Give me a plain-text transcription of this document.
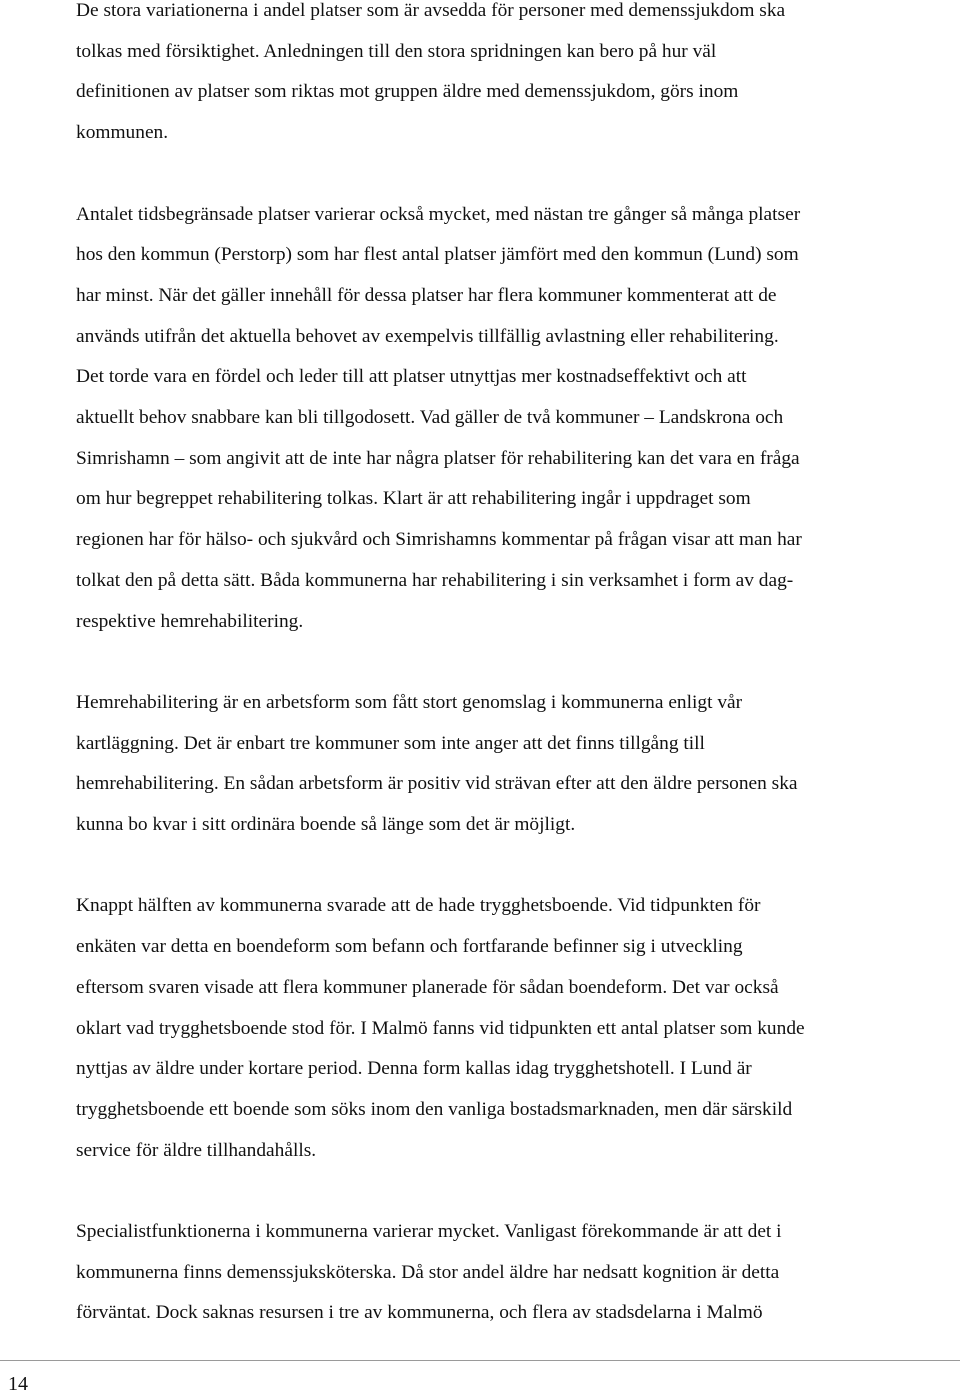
De stora variationerna i andel platser som är avsedda för personer med demenssjukdom ska
tolkas med försiktighet. Anledningen till den stora spridningen kan bero på hur väl
definitionen av platser som riktas mot gruppen äldre med demenssjukdom, görs inom
kommunen.

Antalet tidsbegränsade platser varierar också mycket, med nästan tre gånger så många platser
hos den kommun (Perstorp) som har flest antal platser jämfört med den kommun (Lund) som
har minst. När det gäller innehåll för dessa platser har flera kommuner kommenterat att de
används utifrån det aktuella behovet av exempelvis tillfällig avlastning eller rehabilitering.
Det torde vara en fördel och leder till att platser utnyttjas mer kostnadseffektivt och att
aktuellt behov snabbare kan bli tillgodosett. Vad gäller de två kommuner – Landskrona och
Simrishamn – som angivit att de inte har några platser för rehabilitering kan det vara en fråga
om hur begreppet rehabilitering tolkas. Klart är att rehabilitering ingår i uppdraget som
regionen har för hälso- och sjukvård och Simrishamns kommentar på frågan visar att man har
tolkat den på detta sätt. Båda kommunerna har rehabilitering i sin verksamhet i form av dag-
respektive hemrehabilitering.

Hemrehabilitering är en arbetsform som fått stort genomslag i kommunerna enligt vår
kartläggning. Det är enbart tre kommuner som inte anger att det finns tillgång till
hemrehabilitering. En sådan arbetsform är positiv vid strävan efter att den äldre personen ska
kunna bo kvar i sitt ordinära boende så länge som det är möjligt.

Knappt hälften av kommunerna svarade att de hade trygghetsboende. Vid tidpunkten för
enkäten var detta en boendeform som befann och fortfarande befinner sig i utveckling
eftersom svaren visade att flera kommuner planerade för sådan boendeform. Det var också
oklart vad trygghetsboende stod för. I Malmö fanns vid tidpunkten ett antal platser som kunde
nyttjas av äldre under kortare period. Denna form kallas idag trygghetshotell. I Lund är
trygghetsboende ett boende som söks inom den vanliga bostadsmarknaden, men där särskild
service för äldre tillhandahålls.

Specialistfunktionerna i kommunerna varierar mycket. Vanligast förekommande är att det i
kommunerna finns demenssjuksköterska. Då stor andel äldre har nedsatt kognition är detta
förväntat. Dock saknas resursen i tre av kommunerna, och flera av stadsdelarna i Malmö

14
